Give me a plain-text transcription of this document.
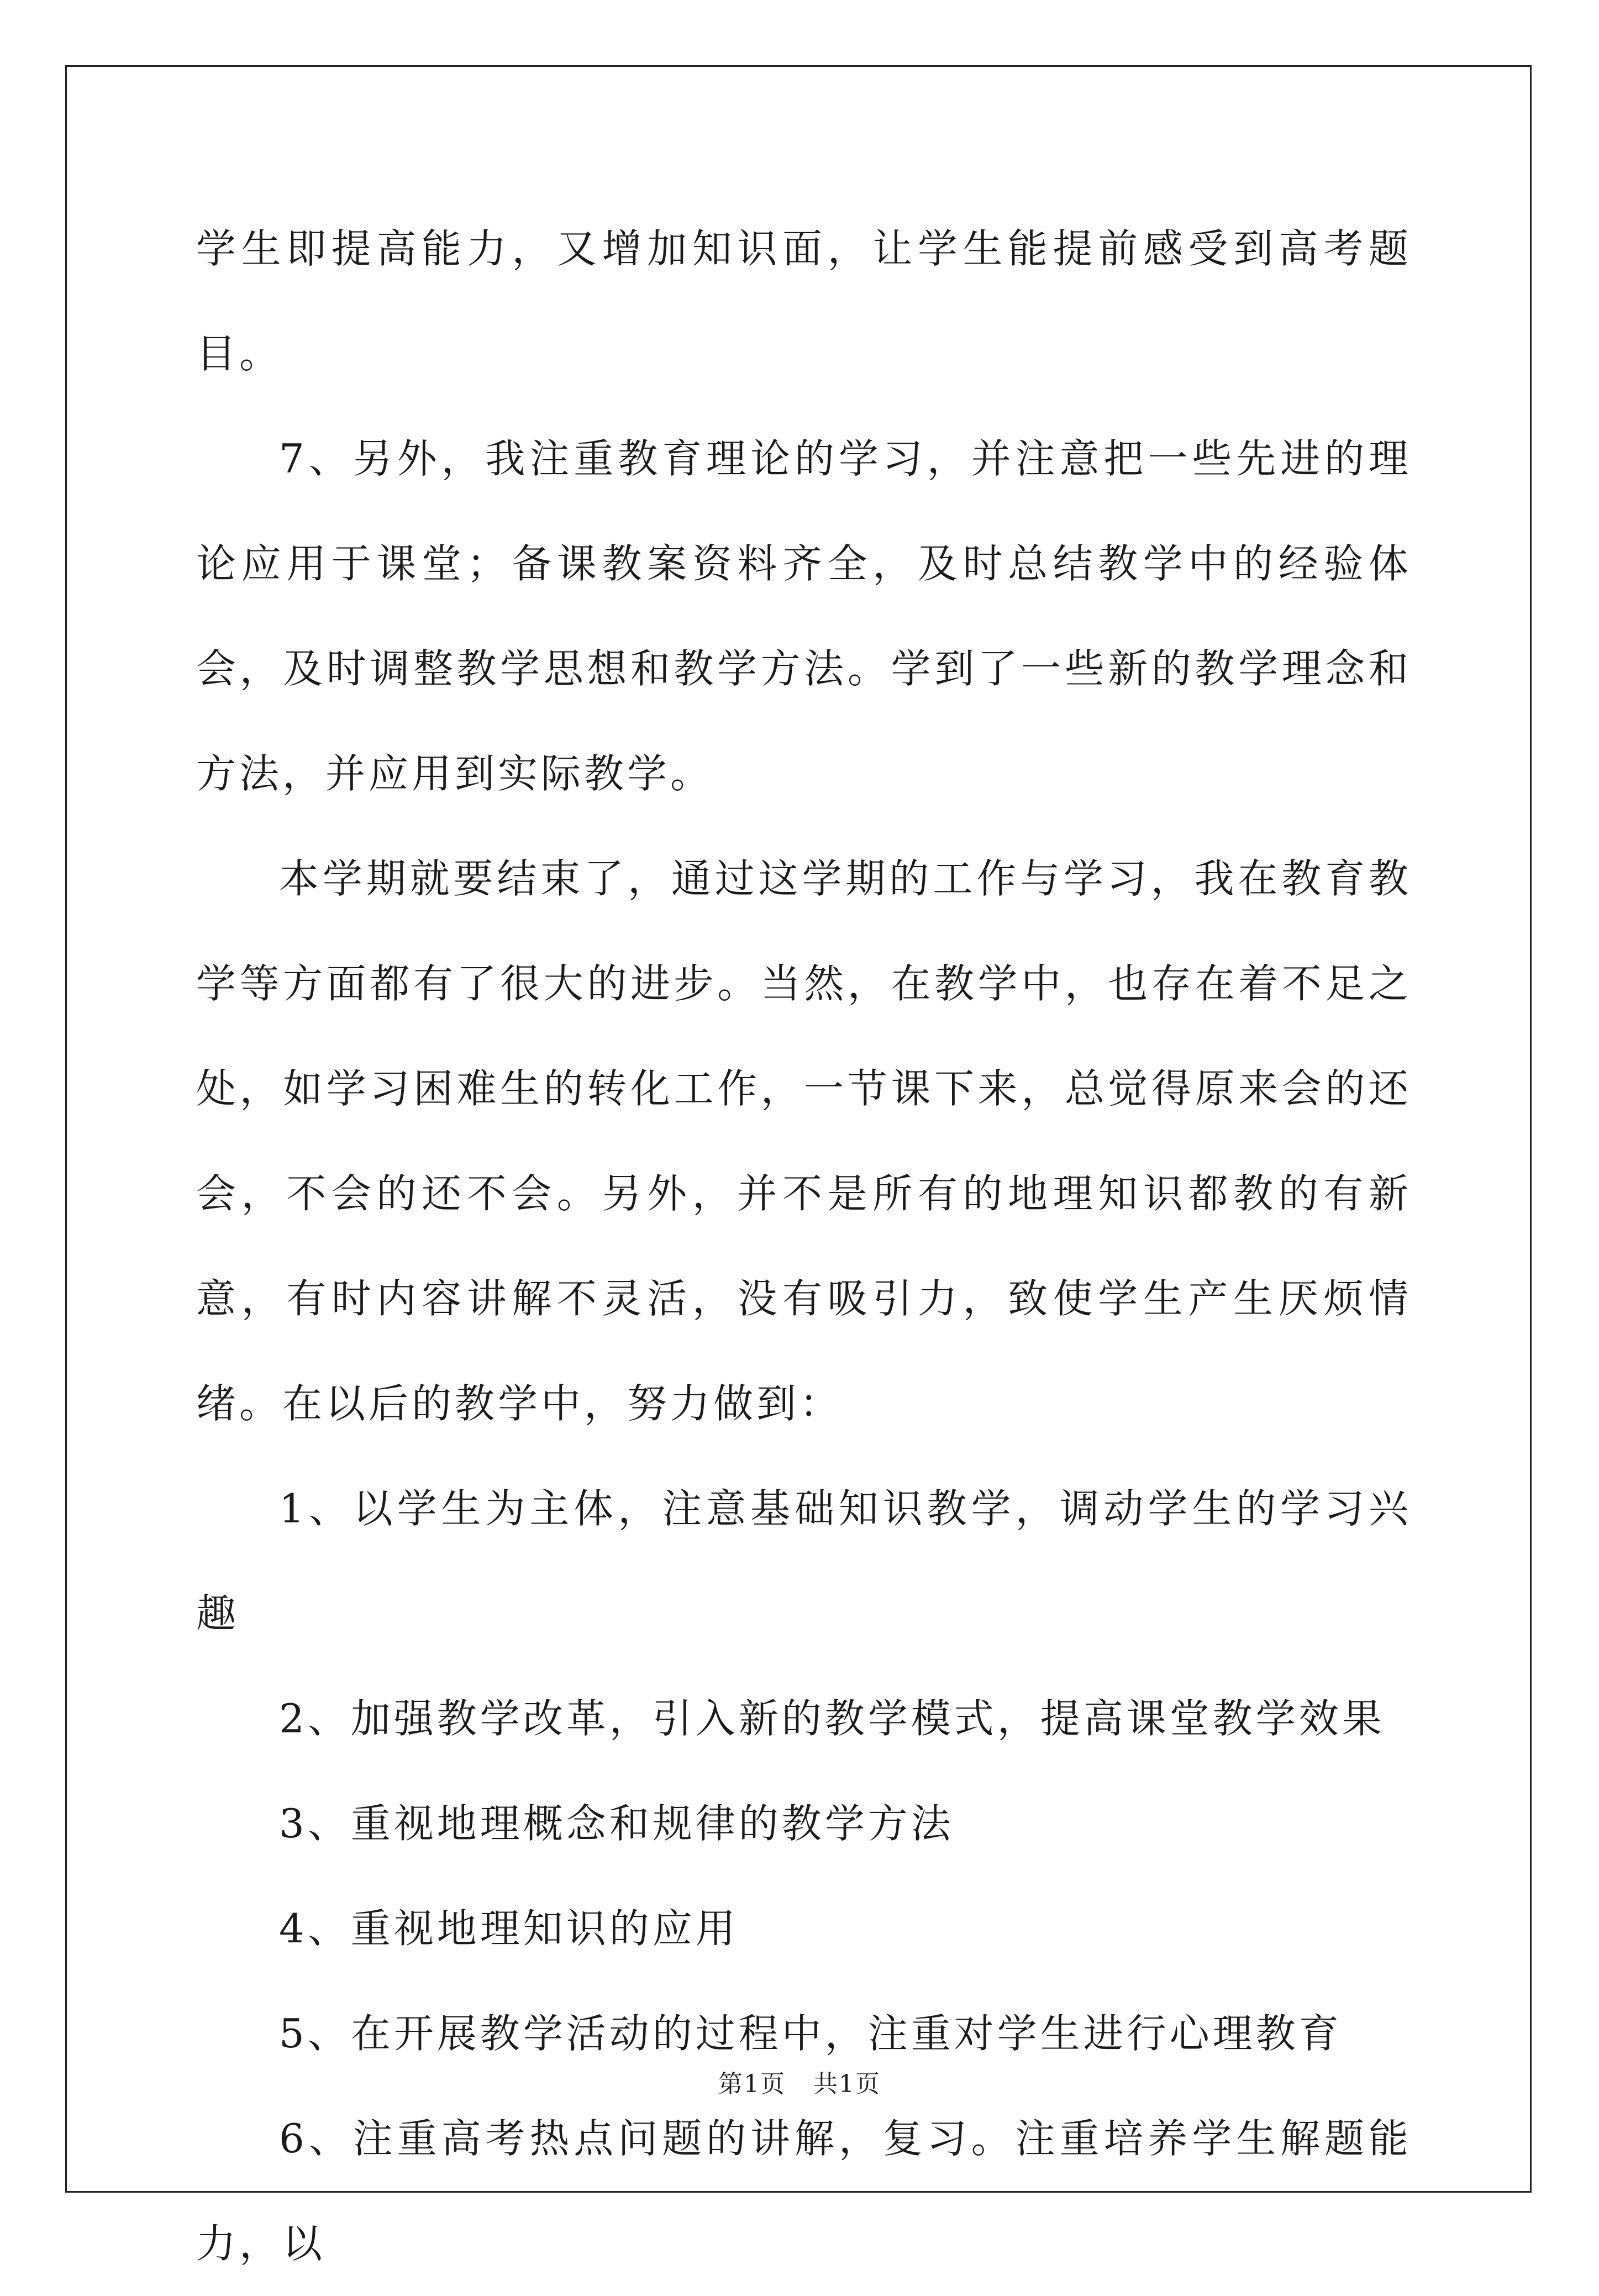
学生即提高能力，又增加知识面，让学生能提前感受到高考题目。

7、另外，我注重教育理论的学习，并注意把一些先进的理论应用于课堂；备课教案资料齐全，及时总结教学中的经验体会，及时调整教学思想和教学方法。学到了一些新的教学理念和方法，并应用到实际教学。

本学期就要结束了，通过这学期的工作与学习，我在教育教学等方面都有了很大的进步。当然，在教学中，也存在着不足之处，如学习困难生的转化工作，一节课下来，总觉得原来会的还会，不会的还不会。另外，并不是所有的地理知识都教的有新意，有时内容讲解不灵活，没有吸引力，致使学生产生厌烦情绪。在以后的教学中，努力做到：

1、以学生为主体，注意基础知识教学，调动学生的学习兴趣

2、加强教学改革，引入新的教学模式，提高课堂教学效果

3、重视地理概念和规律的教学方法

4、重视地理知识的应用

5、在开展教学活动的过程中，注重对学生进行心理教育

6、注重高考热点问题的讲解，复习。注重培养学生解题能力，以

第1页 共1页
